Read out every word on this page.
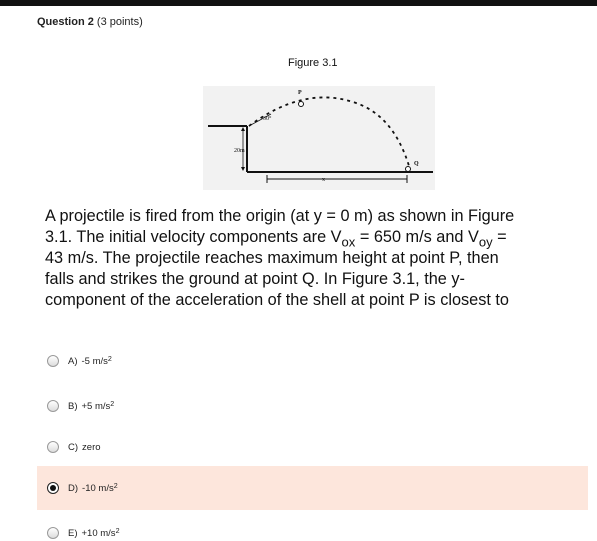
Question 2 (3 points)
Figure 3.1
20m
x
30°
P
Q
A projectile is fired from the origin (at y = 0 m) as shown in Figure
3.1. The initial velocity components are $V_{ox} = 650$ m/s and $V_{oy}$ =
43 m/s. The projectile reaches maximum height at point P, then
falls and strikes the ground at point Q. In Figure 3.1, the y-
component of the acceleration of the shell at point P is closest to
A) -5 $m/s^2$
B) +5 $m/s^2$
C) zero
D) -10 $m/s^2$
E) +10 $m/s^2$
